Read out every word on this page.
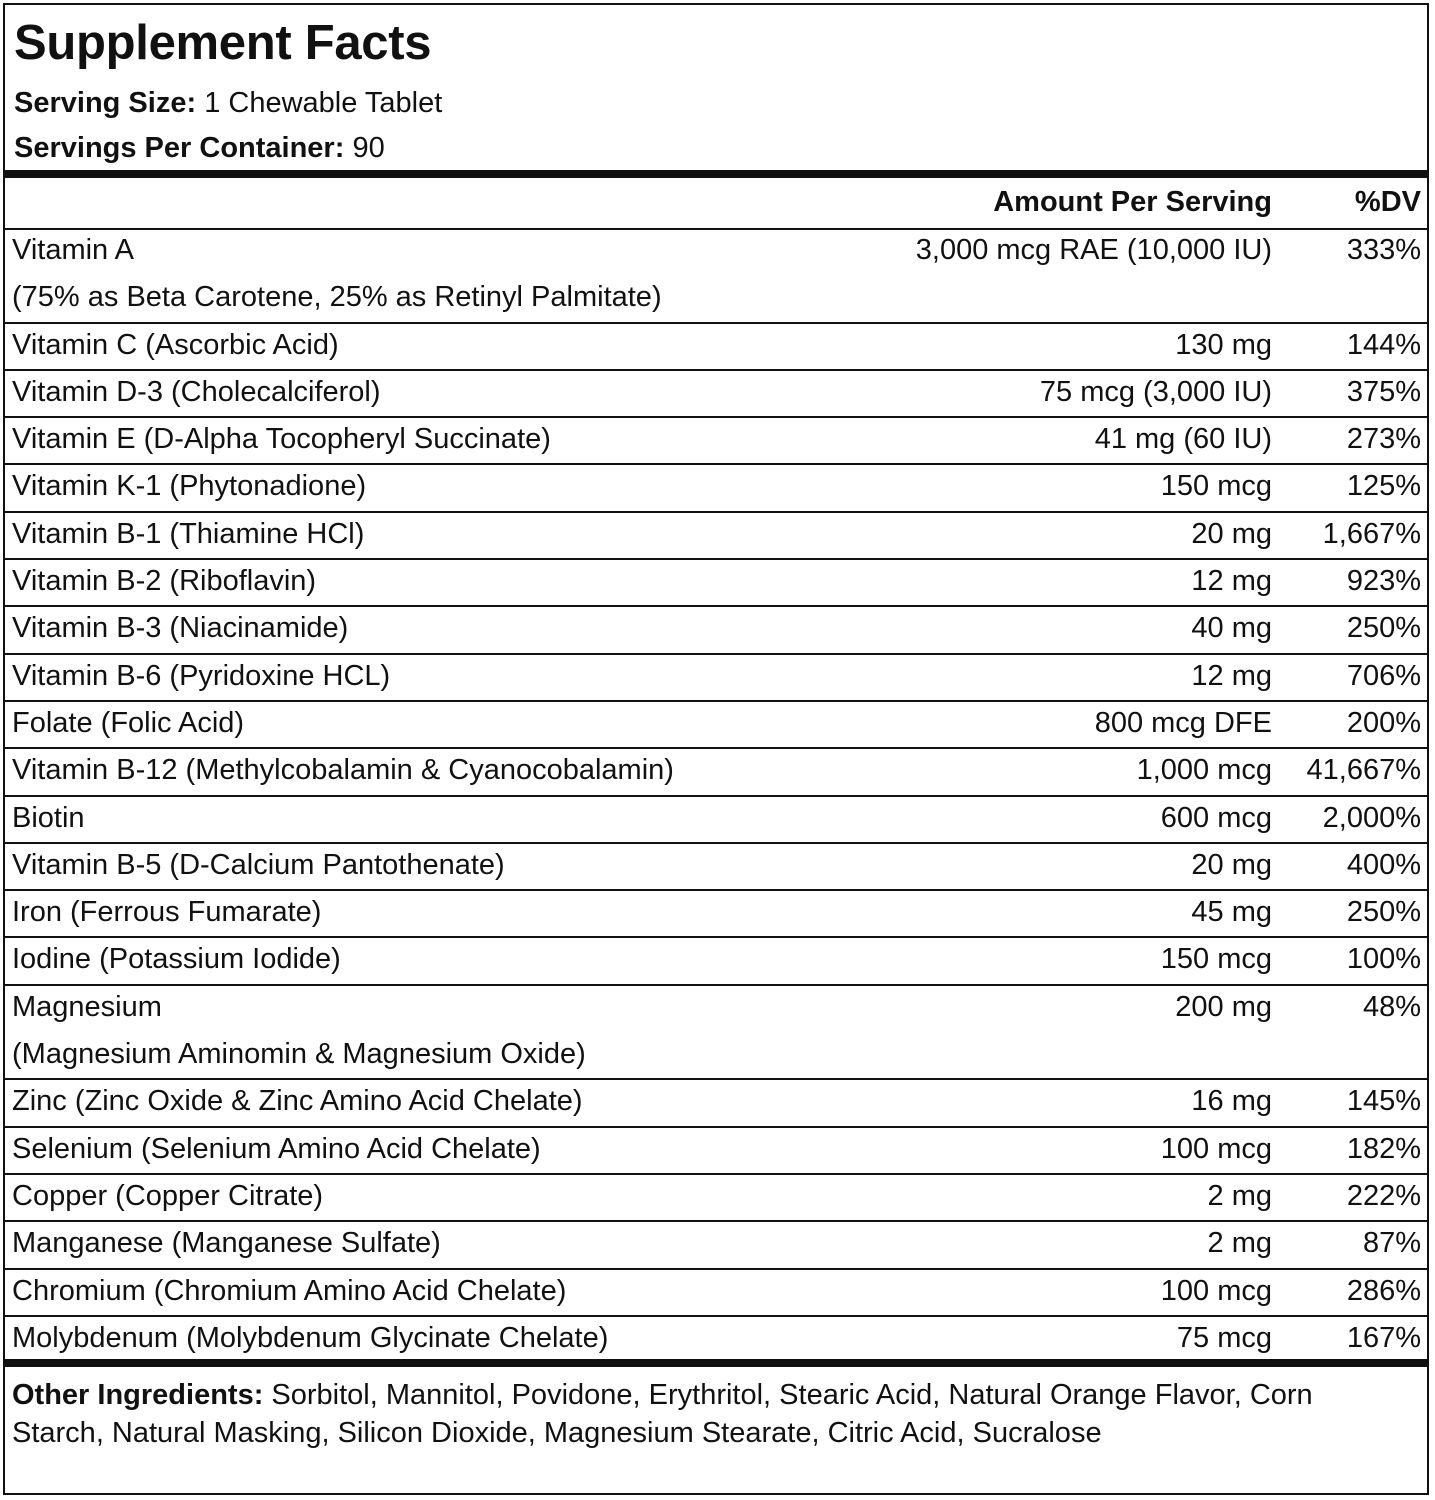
Supplement Facts
Serving Size: 1 Chewable Tablet
Servings Per Container: 90
Amount Per Serving	%DV
Vitamin A	3,000 mcg RAE (10,000 IU)	333%
(75% as Beta Carotene, 25% as Retinyl Palmitate)
Vitamin C (Ascorbic Acid)	130 mg	144%
Vitamin D-3 (Cholecalciferol)	75 mcg (3,000 IU)	375%
Vitamin E (D-Alpha Tocopheryl Succinate)	41 mg (60 IU)	273%
Vitamin K-1 (Phytonadione)	150 mcg	125%
Vitamin B-1 (Thiamine HCl)	20 mg 1,667%
Vitamin B-2 (Riboflavin)	12 mg	923%
Vitamin B-3 (Niacinamide)	40 mg	250%
Vitamin B-6 (Pyridoxine HCL)	12 mg	706%
Folate (Folic Acid)	800 mcg DFE	200%
Vitamin B-12 (Methylcobalamin & Cyanocobalamin)	1,000 mcg 41,667%
Biotin	600 mcg 2,000%
Vitamin B-5 (D-Calcium Pantothenate)	20 mg	400%
Iron (Ferrous Fumarate)	45 mg	250%
Iodine (Potassium Iodide)	150 mcg	100%
Magnesium	200 mg	48%
(Magnesium Aminomin & Magnesium Oxide)
Zinc (Zinc Oxide & Zinc Amino Acid Chelate)	16 mg	145%
Selenium (Selenium Amino Acid Chelate)	100 mcg	182%
Copper (Copper Citrate)	2 mg	222%
Manganese (Manganese Sulfate)	2 mg	87%
Chromium (Chromium Amino Acid Chelate)	100 mcg	286%
Molybdenum (Molybdenum Glycinate Chelate)	75 mcg	167%
Other Ingredients: Sorbitol, Mannitol, Povidone, Erythritol, Stearic Acid, Natural Orange Flavor, Corn Starch, Natural Masking, Silicon Dioxide, Magnesium Stearate, Citric Acid, Sucralose
